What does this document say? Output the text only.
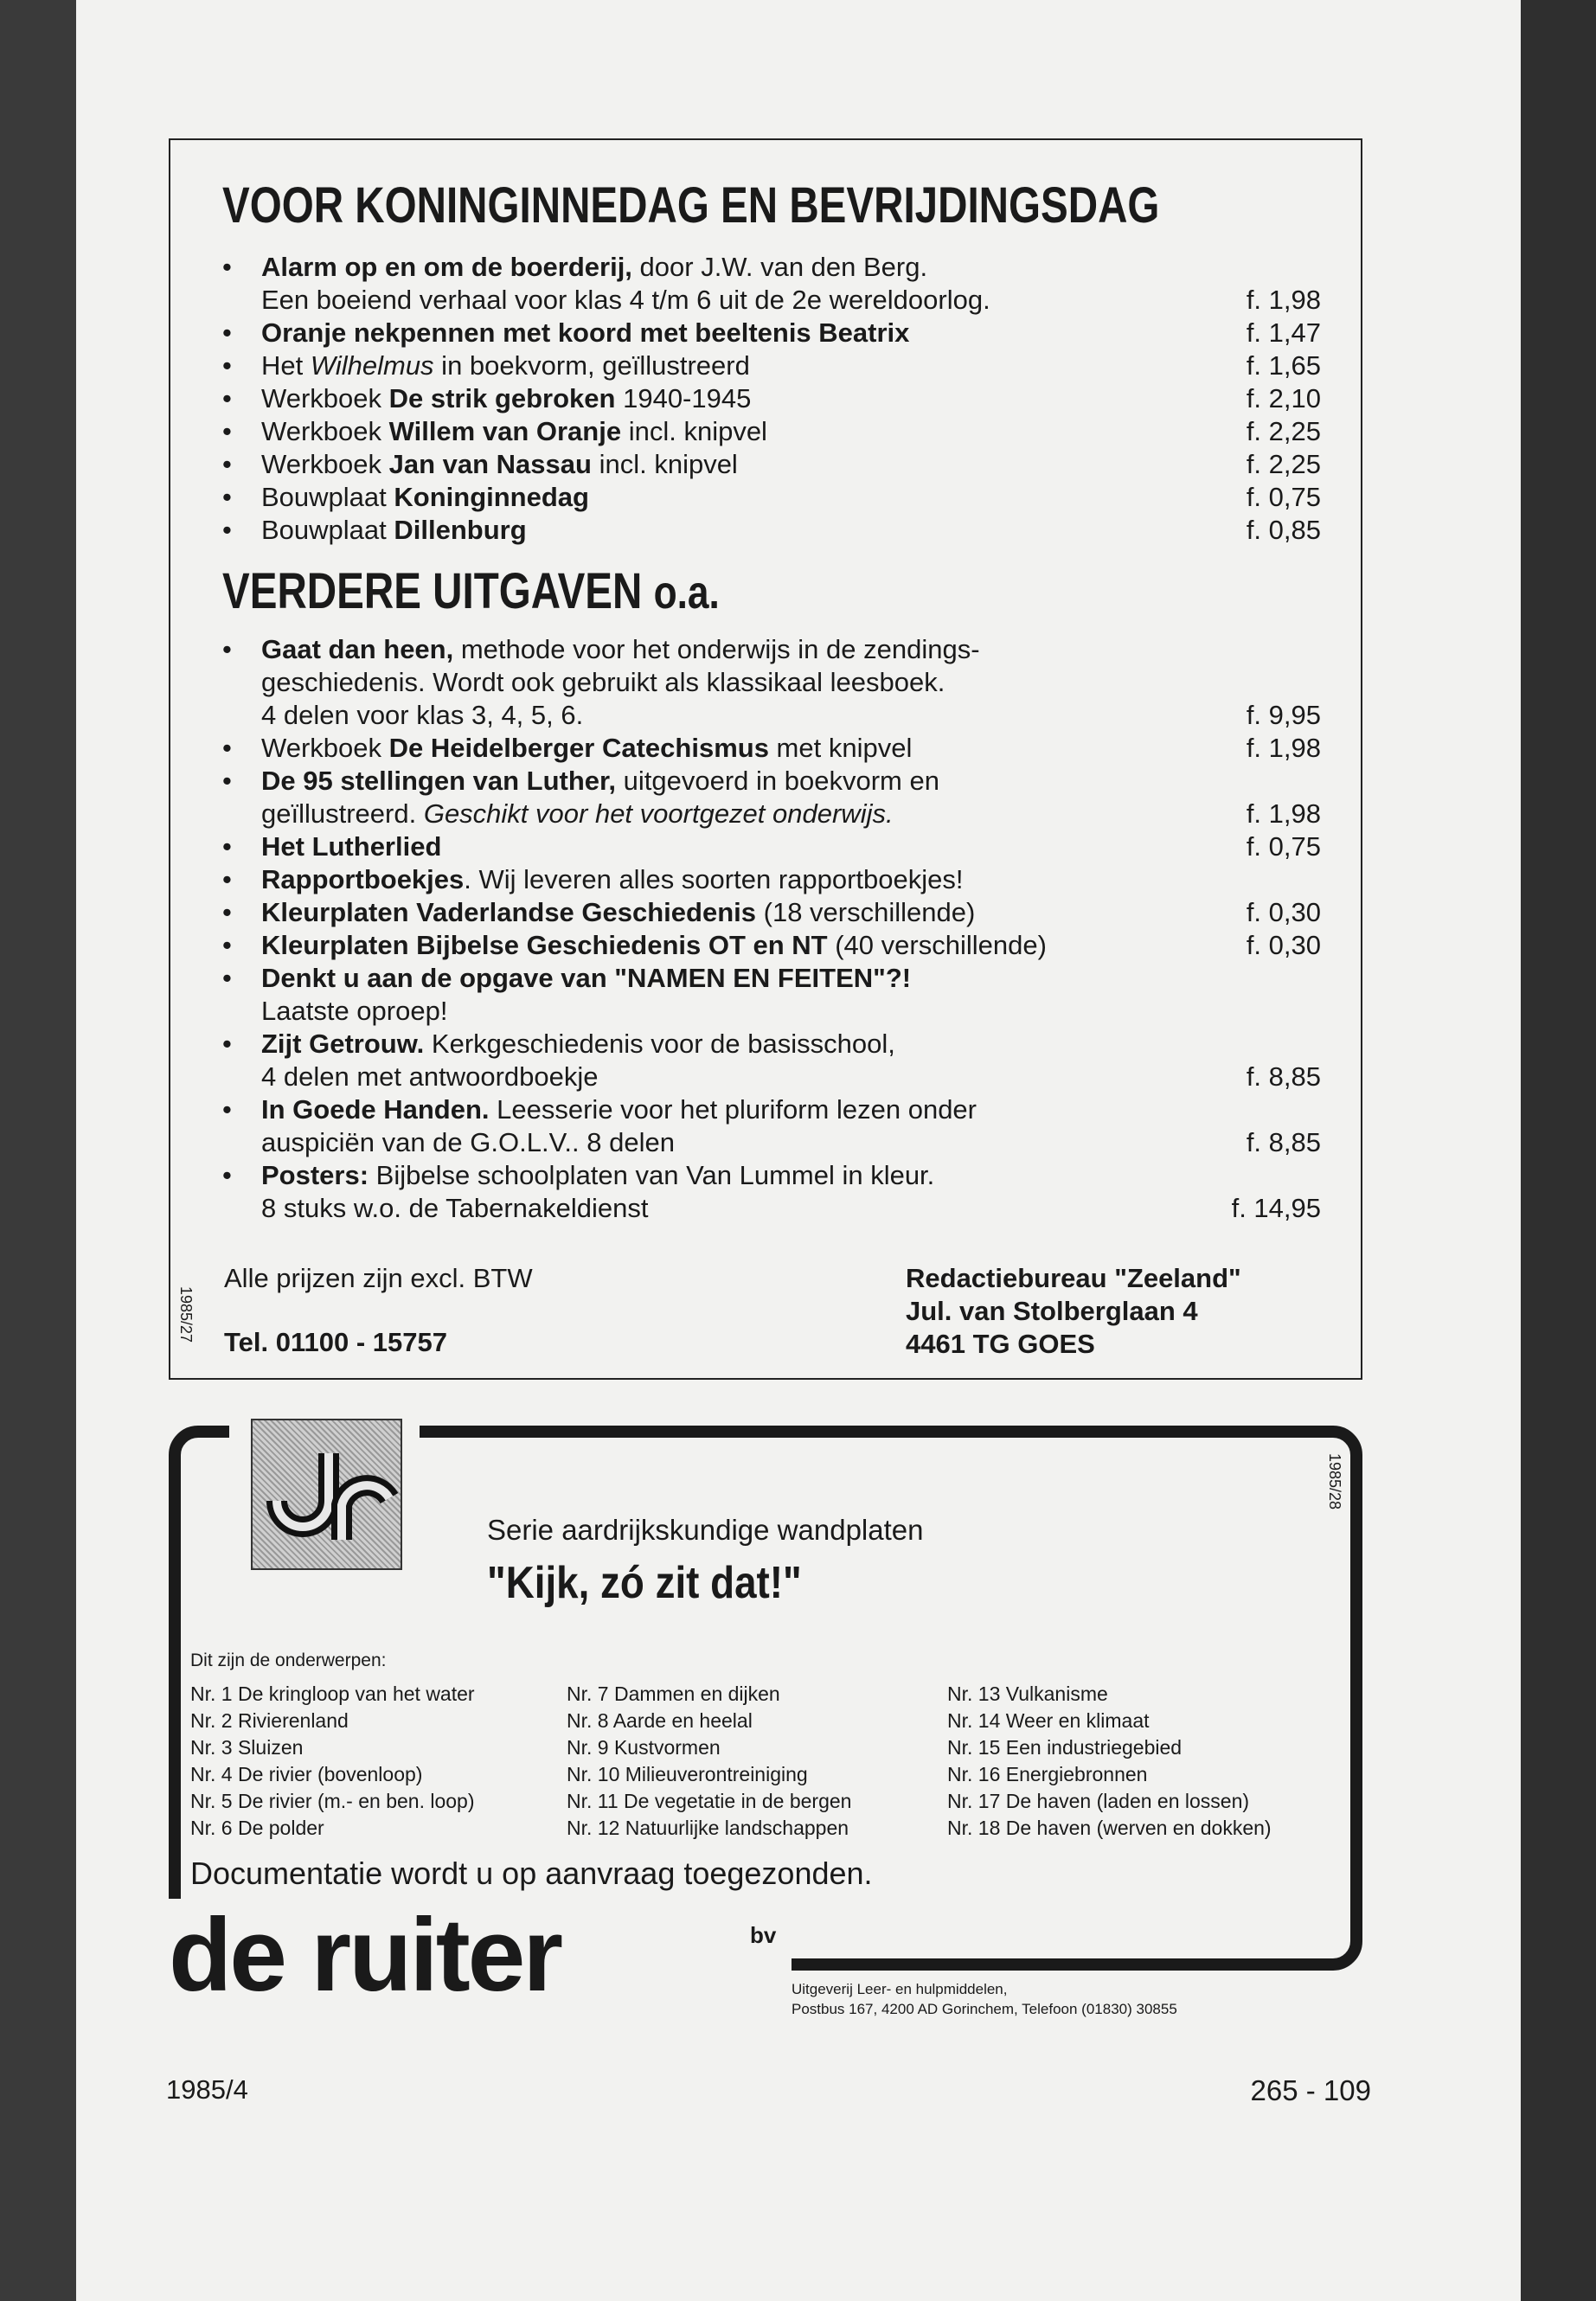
VOOR KONINGINNEDAG EN BEVRIJDINGSDAG
• Alarm op en om de boerderij, door J.W. van den Berg.
Een boeiend verhaal voor klas 4 t/m 6 uit de 2e wereldoorlog.	f. 1,98
• Oranje nekpennen met koord met beeltenis Beatrix	f. 1,47
• Het Wilhelmus in boekvorm, geïllustreerd	f. 1,65
• Werkboek De strik gebroken 1940-1945	f. 2,10
• Werkboek Willem van Oranje incl. knipvel	f. 2,25
• Werkboek Jan van Nassau incl. knipvel	f. 2,25
• Bouwplaat Koninginnedag	f. 0,75
• Bouwplaat Dillenburg	f. 0,85
VERDERE UITGAVEN o.a.
• Gaat dan heen, methode voor het onderwijs in de zendings-
geschiedenis. Wordt ook gebruikt als klassikaal leesboek.
4 delen voor klas 3, 4, 5, 6.	f. 9,95
• Werkboek De Heidelberger Catechismus met knipvel	f. 1,98
• De 95 stellingen van Luther, uitgevoerd in boekvorm en
geïllustreerd. Geschikt voor het voortgezet onderwijs.	f. 1,98
• Het Lutherlied	f. 0,75
• Rapportboekjes. Wij leveren alles soorten rapportboekjes!
• Kleurplaten Vaderlandse Geschiedenis (18 verschillende)	f. 0,30
• Kleurplaten Bijbelse Geschiedenis OT en NT (40 verschillende)	f. 0,30
• Denkt u aan de opgave van "NAMEN EN FEITEN"?!
Laatste oproep!
• Zijt Getrouw. Kerkgeschiedenis voor de basisschool,
4 delen met antwoordboekje	f. 8,85
• In Goede Handen. Leesserie voor het pluriform lezen onder
auspiciën van de G.O.L.V.. 8 delen	f. 8,85
• Posters: Bijbelse schoolplaten van Van Lummel in kleur.
8 stuks w.o. de Tabernakeldienst	f. 14,95
Alle prijzen zijn excl. BTW
Tel. 01100 - 15757
Redactiebureau "Zeeland"
Jul. van Stolberglaan 4
4461 TG GOES
1985/27
1985/28
Serie aardrijkskundige wandplaten
"Kijk, zó zit dat!"
Dit zijn de onderwerpen:
Nr. 1 De kringloop van het water
Nr. 2 Rivierenland
Nr. 3 Sluizen
Nr. 4 De rivier (bovenloop)
Nr. 5 De rivier (m.- en ben. loop)
Nr. 6 De polder
Nr. 7 Dammen en dijken
Nr. 8 Aarde en heelal
Nr. 9 Kustvormen
Nr. 10 Milieuverontreiniging
Nr. 11 De vegetatie in de bergen
Nr. 12 Natuurlijke landschappen
Nr. 13 Vulkanisme
Nr. 14 Weer en klimaat
Nr. 15 Een industriegebied
Nr. 16 Energiebronnen
Nr. 17 De haven (laden en lossen)
Nr. 18 De haven (werven en dokken)
Documentatie wordt u op aanvraag toegezonden.
de ruiter	bv
Uitgeverij Leer- en hulpmiddelen,
Postbus 167, 4200 AD Gorinchem, Telefoon (01830) 30855
1985/4	265 - 109
